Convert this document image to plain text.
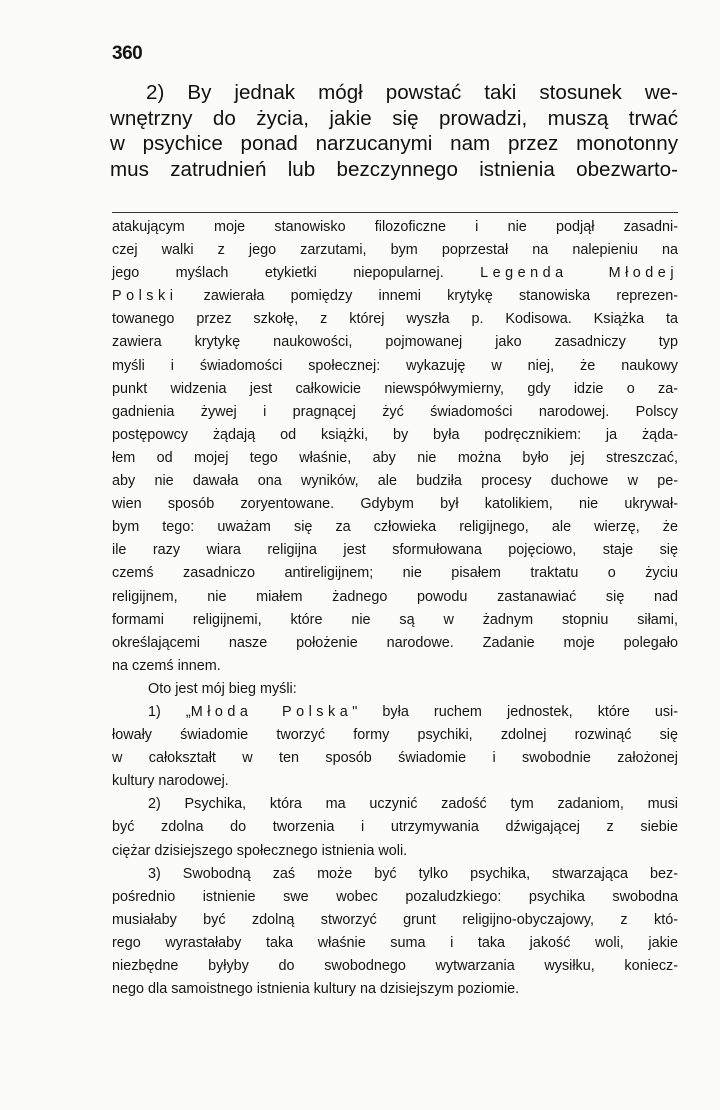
360
2) By jednak mógł powstać taki stosunek we-
wnętrzny do życia, jakie się prowadzi, muszą trwać
w psychice ponad narzucanymi nam przez monotonny
mus zatrudnień lub bezczynnego istnienia obezwarto-
atakującym moje stanowisko filozoficzne i nie podjął zasadni-
czej walki z jego zarzutami, bym poprzestał na nalepieniu na
jego myślach etykietki niepopularnej.	Legenda Młodej
Polski zawierała pomiędzy innemi krytykę stanowiska reprezen-
towanego przez szkołę, z której wyszła p. Kodisowa. Książka ta
zawiera krytykę naukowości, pojmowanej jako zasadniczy typ
myśli i świadomości społecznej: wykazuję w niej, że naukowy
punkt widzenia jest całkowicie niewspółwymierny, gdy idzie o za-
gadnienia żywej i pragnącej żyć świadomości narodowej. Polscy
postępowcy żądają od książki, by była podręcznikiem: ja żąda-
łem od mojej tego właśnie, aby nie można było jej streszczać,
aby nie dawała ona wyników, ale budziła procesy duchowe w pe-
wien sposób zoryentowane. Gdybym był katolikiem, nie ukrywał-
bym tego: uważam się za człowieka religijnego, ale wierzę, że
ile razy wiara religijna jest sformułowana pojęciowo, staje się
czemś zasadniczo antireligijnem; nie pisałem traktatu o życiu
religijnem, nie miałem żadnego powodu zastanawiać się nad
formami religijnemi, które nie są w żadnym stopniu siłami,
określającemi nasze położenie narodowe. Zadanie moje polegało
na czemś innem.
Oto jest mój bieg myśli:
1) „Młoda Polska" była ruchem jednostek, które usi-
łowały świadomie tworzyć formy psychiki, zdolnej rozwinąć się
w całokształt w ten sposób świadomie i swobodnie założonej
kultury narodowej.
2) Psychika, która ma uczynić zadość tym zadaniom, musi
być zdolna do tworzenia i utrzymywania dźwigającej z siebie
ciężar dzisiejszego społecznego istnienia woli.
3) Swobodną zaś może być tylko psychika, stwarzająca bez-
pośrednio istnienie swe wobec pozaludzkiego: psychika swobodna
musiałaby być zdolną stworzyć grunt religijno-obyczajowy, z któ-
rego wyrastałaby taka właśnie suma i taka jakość woli, jakie
niezbędne byłyby do swobodnego wytwarzania wysiłku, koniecz-
nego dla samoistnego istnienia kultury na dzisiejszym poziomie.
